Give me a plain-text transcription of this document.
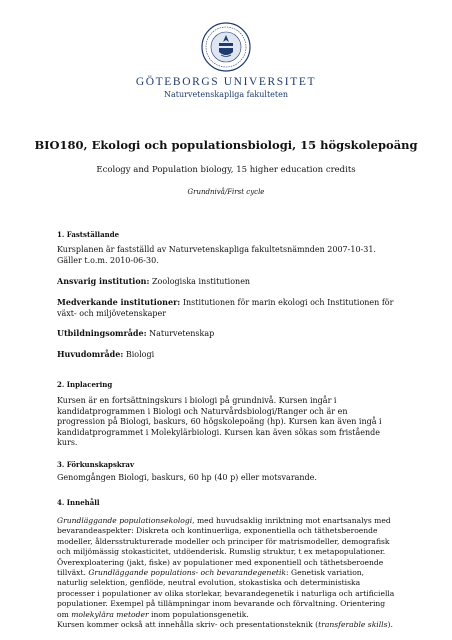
GÖTEBORGS UNIVERSITET
Naturvetenskapliga fakulteten
BIO180, Ekologi och populationsbiologi, 15 högskolepoäng
Ecology and Population biology, 15 higher education credits
Grundnivå/First cycle
1. Fastställande
Kursplanen är fastställd av Naturvetenskapliga fakultetsnämnden 2007-10-31. Gäller t.o.m. 2010-06-30.
Ansvarig institution: Zoologiska institutionen
Medverkande institutioner: Institutionen för marin ekologi och Institutionen för växt- och miljövetenskaper
Utbildningsområde: Naturvetenskap
Huvudområde: Biologi
2. Inplacering
Kursen är en fortsättningskurs i biologi på grundnivå. Kursen ingår i kandidatprogrammen i Biologi och Naturvårdsbiologi/Ranger och är en progression på Biologi, baskurs, 60 högskolepoäng (hp). Kursen kan även ingå i kandidatprogrammet i Molekylärbiologi. Kursen kan även sökas som fristående kurs.
3. Förkunskapskrav
Genomgången Biologi, baskurs, 60 hp (40 p) eller motsvarande.
4. Innehåll
Grundläggande populationsekologi, med huvudsaklig inriktning mot enartsanalys med bevarandeaspekter: Diskreta och kontinuerliga, exponentiella och täthetsberoende modeller, åldersstrukturerade modeller och principer för matrismodeller, demografisk och miljömässig stokasticitet, utdöenderisk. Rumslig struktur, t ex metapopulationer. Överexploatering (jakt, fiske) av populationer med exponentiell och täthetsberoende tillväxt. Grundläggande populations- och bevarandegenetik: Genetisk variation, naturlig selektion, genflöde, neutral evolution, stokastiska och deterministiska processer i populationer av olika storlekar, bevarandegenetik i naturliga och artificiella populationer. Exempel på tillämpningar inom bevarande och förvaltning. Orientering om molekylära metoder inom populationsgenetik.
Kursen kommer också att innehålla skriv- och presentationsteknik (transferable skills).
